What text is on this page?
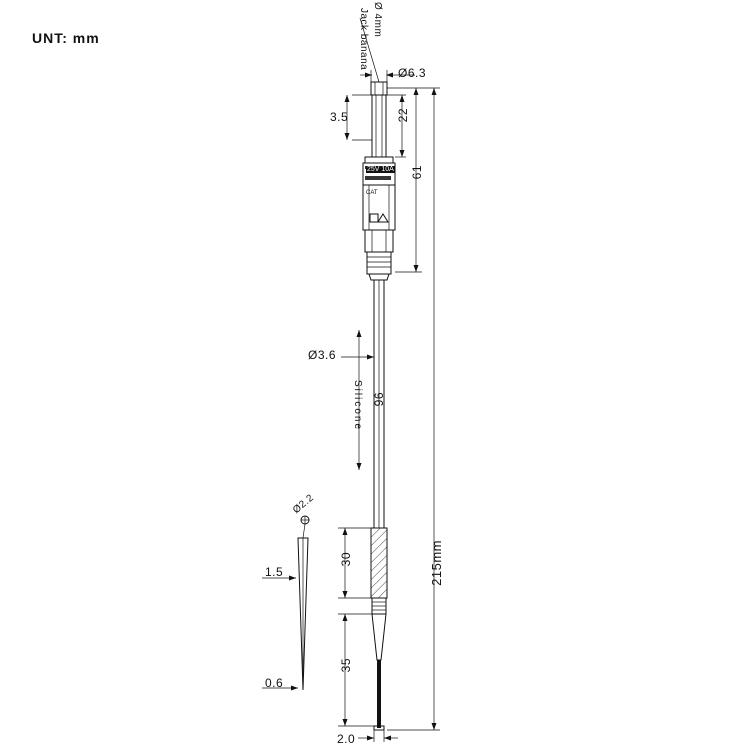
UNT: mm	Jack banana Ø 4mm
Ø6.3
3.5	22
61
Ø3.6
Silicone 96
215mm
Ø2.2
1.5
0.6
30
35
2.0
25V 10A
CAT
